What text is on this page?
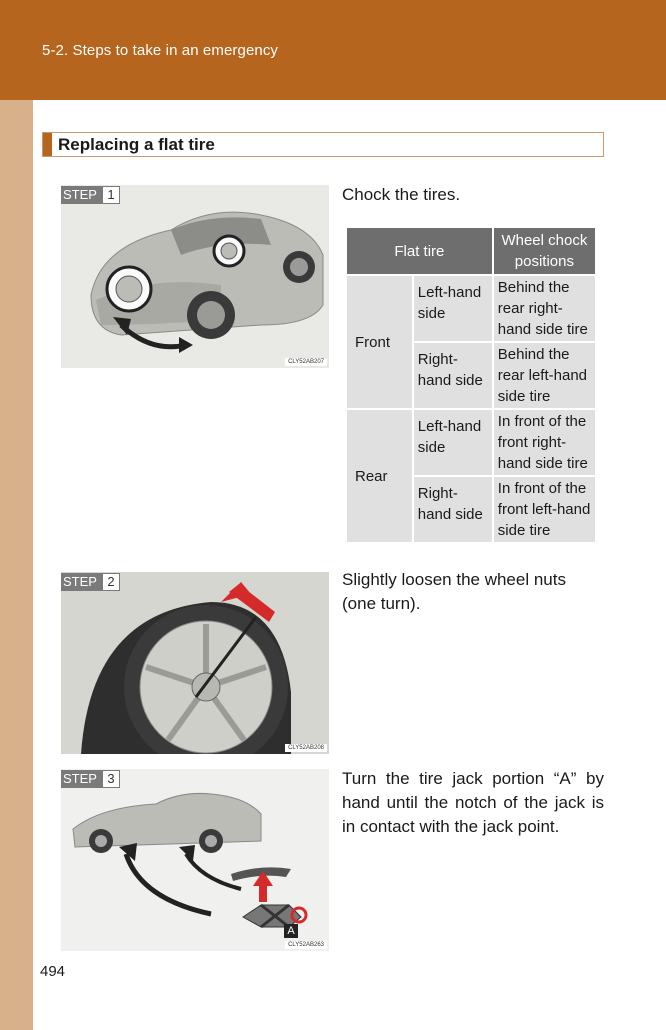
5-2. Steps to take in an emergency
Replacing a flat tire
STEP 1
CLY52AB207
Chock the tires.
Flat tire		Wheel chock positions
Front	Left-hand side	Behind the rear right-hand side tire
	Right-hand side	Behind the rear left-hand side tire
Rear	Left-hand side	In front of the front right-hand side tire
	Right-hand side	In front of the front left-hand side tire
STEP 2
CLY52AB208
Slightly loosen the wheel nuts (one turn).
STEP 3
CLY52AB263
A
Turn the tire jack portion “A” by hand until the notch of the jack is in contact with the jack point.
494
